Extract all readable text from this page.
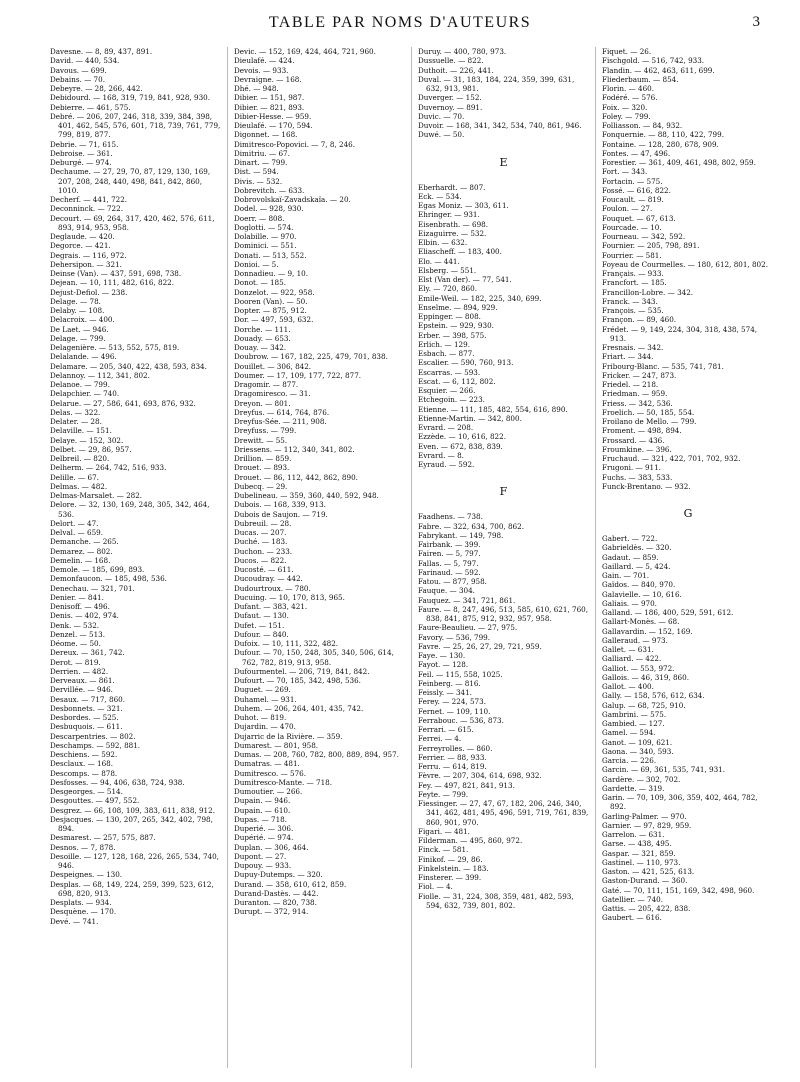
TABLE PAR NOMS D'AUTEURS	3
Davesne. — 8, 89, 437, 891.
David. — 440, 534.
Davous. — 699.
Debains. — 70.
Debeyre. — 28, 266, 442.
Debidourd. — 168, 319, 719, 841, 928, 930.
Debierre. — 461, 575.
Debré. — 206, 207, 246, 318, 339, 384, 398, 401, 462, 545, 576, 601, 718, 739, 761, 779, 799, 819, 877.
Debrie. — 71, 615.
Debroise. — 361.
Deburgé. — 974.
Dechaume. — 27, 29, 70, 87, 129, 130, 169, 207, 208, 248, 440, 498, 841, 842, 860, 1010.
Decherf. — 441, 722.
Deconninck. — 722.
Decourt. — 69, 264, 317, 420, 462, 576, 611, 893, 914, 953, 958.
Deglaude. — 420.
Degorce. — 421.
Degrais. — 116, 972.
Dehersipon. — 321.
Deinse (Van). — 437, 591, 698, 738.
Dejean. — 10, 111, 482, 616, 822.
Dejust-Defiol. — 238.
Delage. — 78.
Delaby. — 108.
Delacroix. — 400.
De Laet. — 946.
Delage. — 799.
Delagenière. — 513, 552, 575, 819.
Delalande. — 496.
Delamare. — 205, 340, 422, 438, 593, 834.
Delannoy. — 112, 341, 802.
Delanoe. — 799.
Delapchier. — 740.
Delarue. — 27, 586, 641, 693, 876, 932.
Delas. — 322.
Delater. — 28.
Delaville. — 151.
Delaye. — 152, 302.
Delbet. — 29, 86, 957.
Delbreil. — 820.
Delherm. — 264, 742, 516, 933.
Delille. — 67.
Delmas. — 482.
Delmas-Marsalet. — 282.
Delore. — 32, 130, 169, 248, 305, 342, 464, 536.
Delort. — 47.
Delval. — 659.
Demanche. — 265.
Demarez. — 802.
Demelin. — 168.
Demole. — 185, 699, 893.
Demonfaucon. — 185, 498, 536.
Denechau. — 321, 701.
Denier. — 841.
Denisoff. — 496.
Denis. — 402, 974.
Denk. — 532.
Denzel. — 513.
Déome. — 50.
Dereux. — 361, 742.
Derot. — 819.
Derrien. — 482.
Derveaux. — 861.
Dervillée. — 946.
Desaux. — 717, 860.
Desbonnets. — 321.
Desbordes. — 525.
Desbuquois. — 611.
Descarpentries. — 802.
Deschamps. — 592, 881.
Deschiens. — 592.
Desclaux. — 168.
Descomps. — 878.
Desfosses. — 94, 406, 638, 724, 938.
Desgeorges. — 514.
Desgouttes. — 497, 552.
Desgrez. — 66, 108, 109, 383, 611, 838, 912.
Desjacques. — 130, 207, 265, 342, 402, 798, 894.
Desmarest. — 257, 575, 887.
Desnos. — 7, 878.
Desoille. — 127, 128, 168, 226, 265, 534, 740, 946.
Despeignes. — 130.
Desplas. — 68, 149, 224, 259, 399, 523, 612, 698, 820, 913.
Desplats. — 934.
Desquène. — 170.
Devé. — 741.
Devic. — 152, 169, 424, 464, 721, 960.
Dieulafé. — 424.
Devois. — 933.
Devraigne. — 168.
Dhé. — 948.
Dibier. — 151, 987.
Dibier. — 821, 893.
Dibier-Hesse. — 959.
Dieulafé. — 170, 594.
Digonnet. — 168.
Dimitresco-Popovici. — 7, 8, 246.
Dimitriu. — 67.
Dinart. — 799.
Dist. — 594.
Divis. — 532.
Dobrevitch. — 633.
Dobrovolskaï-Zavadskaïa. — 20.
Dodel. — 928, 930.
Doerr. — 808.
Doglotti. — 574.
Dolabille. — 970.
Dominici. — 551.
Donati. — 513, 552.
Donioi. — 5.
Donnadieu. — 9, 10.
Donot. — 185.
Donzelot. — 922, 958.
Dooren (Van). — 50.
Dopter. — 875, 912.
Dor. — 497, 593, 632.
Dorche. — 111.
Douady. — 653.
Douay. — 342.
Doubrow. — 167, 182, 225, 479, 701, 838.
Douillet. — 306, 842.
Doumer. — 17, 109, 177, 722, 877.
Dragomir. — 877.
Dragomiresco. — 31.
Dreyon. — 801.
Dreyfus. — 614, 764, 876.
Dreyfus-Sée. — 211, 908.
Dreyfuss. — 799.
Drewitt. — 55.
Driessens. — 112, 340, 341, 802.
Drillion. — 859.
Drouet. — 893.
Drouet. — 86, 112, 442, 862, 890.
Dubecq. — 29.
Dubelineau. — 359, 360, 440, 592, 948.
Dubois. — 168, 339, 913.
Dubois de Saujon. — 719.
Dubreuil. — 28.
Ducas. — 207.
Duché. — 183.
Duchon. — 233.
Ducos. — 822.
Ducosté. — 611.
Ducoudray. — 442.
Dudourtroux. — 780.
Ducuing. — 10, 170, 813, 965.
Dufant. — 383, 421.
Dufaut. — 130.
Dufet. — 151.
Dufour. — 840.
Dufoix. — 10, 111, 322, 482.
Dufour. — 70, 150, 248, 305, 340, 506, 614, 762, 782, 819, 913, 958.
Dufourmentel. — 206, 719, 841, 842.
Dufourt. — 70, 185, 342, 498, 536.
Duguet. — 269.
Duhamel. — 931.
Duhem. — 206, 264, 401, 435, 742.
Duhot. — 819.
Dujardin. — 470.
Dujarric de la Rivière. — 359.
Dumarest. — 801, 958.
Dumas. — 208, 760, 782, 800, 889, 894, 957.
Dumatras. — 481.
Dumitresco. — 576.
Dumitresco-Mante. — 718.
Dumoutier. — 266.
Dupain. — 946.
Dupain. — 610.
Dupas. — 718.
Duperié. — 306.
Dupérié. — 974.
Duplan. — 306, 464.
Dupont. — 27.
Dupouy. — 933.
Dupuy-Dutemps. — 320.
Durand. — 358, 610, 612, 859.
Durand-Dastès. — 442.
Duranton. — 820, 738.
Durupt. — 372, 914.
Duruy. — 400, 780, 973.
Dussuelle. — 822.
Duthoit. — 226, 441.
Duval. — 31, 183, 184, 224, 359, 399, 631, 632, 913, 981.
Duverger. — 152.
Duvernoy. — 891.
Duvic. — 70.
Duvoir. — 168, 341, 342, 534, 740, 861, 946.
Duwé. — 50.
E
Eberhardt. — 807.
Eck. — 534.
Egas Moniz. — 303, 611.
Ehringer. — 931.
Eisenbrath. — 698.
Eizaguirre. — 532.
Elbin. — 632.
Eliascheff. — 183, 400.
Elo. — 441.
Elsberg. — 551.
Elst (Van der). — 77, 541.
Ely. — 720, 860.
Emile-Weil. — 182, 225, 340, 699.
Enselme. — 894, 929.
Eppinger. — 808.
Epstein. — 929, 930.
Erber. — 398, 575.
Erlich. — 129.
Esbach. — 877.
Escalier. — 590, 760, 913.
Escarras. — 593.
Escat. — 6, 112, 802.
Esquier. — 266.
Etchegoin. — 223.
Etienne. — 111, 185, 482, 554, 616, 890.
Etienne-Martin. — 342, 800.
Evrard. — 208.
Ezzède. — 10, 616, 822.
Even. — 672, 838, 839.
Evrard. — 8.
Eyraud. — 592.
F
Faadhens. — 738.
Fabre. — 322, 634, 700, 862.
Fabrykant. — 149, 798.
Fairbank. — 399.
Fairen. — 5, 797.
Fallas. — 5, 797.
Farinaud. — 592.
Fatou. — 877, 958.
Fauque. — 304.
Fauquez. — 341, 721, 861.
Faure. — 8, 247, 496, 513, 585, 610, 621, 760, 838, 841, 875, 912, 932, 957, 958.
Faure-Beaulieu. — 27, 975.
Favory. — 536, 799.
Favre. — 25, 26, 27, 29, 721, 959.
Faye. — 130.
Fayot. — 128.
Feil. — 115, 558, 1025.
Feinberg. — 816.
Feissly. — 341.
Ferey. — 224, 573.
Fernet. — 109, 110.
Ferrabouc. — 536, 873.
Ferrari. — 615.
Ferrei. — 4.
Ferreyrolles. — 860.
Ferrier. — 88, 933.
Ferru. — 614, 819.
Fèvre. — 207, 304, 614, 698, 932.
Fey. — 497, 821, 841, 913.
Feyte. — 799.
Fiessinger. — 27, 47, 67, 182, 206, 246, 340, 341, 462, 481, 495, 496, 591, 719, 761, 839, 860, 901, 970.
Figari. — 481.
Filderman. — 495, 860, 972.
Finck. — 581.
Finikof. — 29, 86.
Finkelstein. — 183.
Finsterer. — 399.
Fiol. — 4.
Fiolle. — 31, 224, 308, 359, 481, 482, 593, 594, 632, 739, 801, 802.
Fiquet. — 26.
Fischgold. — 516, 742, 933.
Flandin. — 462, 463, 611, 699.
Fliederbaum. — 854.
Florin. — 460.
Fodéré. — 576.
Foix. — 320.
Foley. — 799.
Folliasson. — 84, 932.
Fonquernie. — 88, 110, 422, 799.
Fontaine. — 128, 280, 678, 909.
Fontes. — 47, 496.
Forestier. — 361, 409, 461, 498, 802, 959.
Fort. — 343.
Fortacin. — 575.
Fossé. — 616, 822.
Foucault. — 819.
Foulon. — 27.
Fouquet. — 67, 613.
Fourcade. — 10.
Fourneau. — 342, 592.
Fournier. — 205, 798, 891.
Fourrier. — 581.
Foyeau de Courmelles. — 180, 612, 801, 802.
Français. — 933.
Francfort. — 185.
Francillon-Lobre. — 342.
Franck. — 343.
François. — 535.
Françon. — 89, 460.
Frédet. — 9, 149, 224, 304, 318, 438, 574, 913.
Fresnais. — 342.
Friart. — 344.
Fribourg-Blanc. — 535, 741, 781.
Fricker. — 247, 873.
Friedel. — 218.
Friedman. — 959.
Friess. — 342, 536.
Froelich. — 50, 185, 554.
Froilano de Mello. — 799.
Froment. — 498, 894.
Frossard. — 436.
Froumkine. — 396.
Fruchaud. — 321, 422, 701, 702, 932.
Frugoni. — 911.
Fuchs. — 383, 533.
Funck-Brentano. — 932.
G
Gabert. — 722.
Gabrieldès. — 320.
Gadaut. — 859.
Gaillard. — 5, 424.
Gain. — 701.
Gaïdos. — 840, 970.
Galavielle. — 10, 616.
Galiais. — 970.
Galland. — 186, 400, 529, 591, 612.
Gallart-Monès. — 68.
Gallavardin. — 152, 169.
Galleraud. — 973.
Gallet. — 631.
Galliard. — 422.
Galliot. — 553, 972.
Gallois. — 46, 319, 860.
Gallot. — 400.
Gally. — 158, 576, 612, 634.
Galup. — 68, 725, 910.
Gambrini. — 575.
Gambied. — 127.
Gamel. — 594.
Ganot. — 109, 621.
Gaona. — 340, 593.
Garcia. — 226.
Garcin. — 69, 361, 535, 741, 931.
Gardère. — 302, 702.
Gardette. — 319.
Garin. — 70, 109, 306, 359, 402, 464, 782, 892.
Garling-Palmer. — 970.
Garnier. — 97, 829, 959.
Garrelon. — 631.
Garse. — 438, 495.
Gaspar. — 321, 859.
Gastinel. — 110, 973.
Gaston. — 421, 525, 613.
Gaston-Durand. — 360.
Gaté. — 70, 111, 151, 169, 342, 498, 960.
Gatellier. — 740.
Gattis. — 205, 422, 838.
Gaubert. — 616.
